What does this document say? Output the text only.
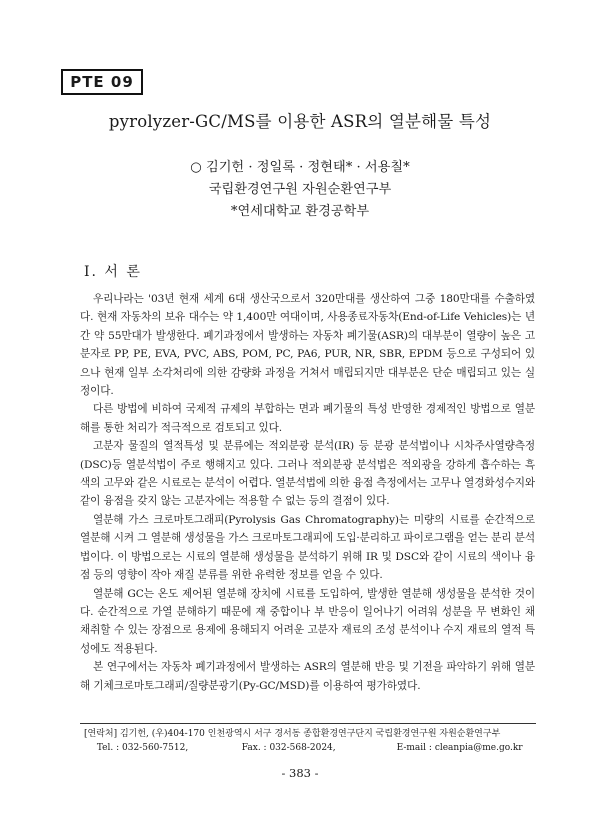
PTE 09
pyrolyzer-GC/MS를 이용한 ASR의 열분해물 특성
○ 김기헌 · 정일록 · 정현태* · 서용칠*
국립환경연구원 자원순환연구부
*연세대학교 환경공학부
I. 서 론

우리나라는 '03년 현재 세계 6대 생산국으로서 320만대를 생산하여 그중 180만대를 수출하였다. 현재 자동차의 보유 대수는 약 1,400만 여대이며, 사용종료자동차(End-of-Life Vehicles)는 년간 약 55만대가 발생한다. 폐기과정에서 발생하는 자동차 폐기물(ASR)의 대부분이 열량이 높은 고분자로 PP, PE, EVA, PVC, ABS, POM, PC, PA6, PUR, NR, SBR, EPDM 등으로 구성되어 있으나 현재 일부 소각처리에 의한 감량화 과정을 거쳐서 매립되지만 대부분은 단순 매립되고 있는 실정이다.

다른 방법에 비하여 국제적 규제의 부합하는 면과 폐기물의 특성 반영한 경제적인 방법으로 열분해를 통한 처리가 적극적으로 검토되고 있다.

고분자 물질의 열적특성 및 분류에는 적외분광 분석(IR) 등 분광 분석법이나 시차주사열량측정(DSC)등 열분석법이 주로 행해지고 있다. 그러나 적외분광 분석법은 적외광을 강하게 흡수하는 흑색의 고무와 같은 시료로는 분석이 어렵다. 열분석법에 의한 융점 측정에서는 고무나 열경화성수지와 같이 융점을 갖지 않는 고분자에는 적용할 수 없는 등의 결점이 있다.

열분해 가스 크로마토그래피(Pyrolysis Gas Chromatography)는 미량의 시료를 순간적으로 열분해 시켜 그 열분해 생성물을 가스 크로마토그래피에 도입·분리하고 파이로그램을 얻는 분리 분석법이다. 이 방법으로는 시료의 열분해 생성물을 분석하기 위해 IR 및 DSC와 같이 시료의 색이나 융점 등의 영향이 작아 재질 분류를 위한 유력한 정보를 얻을 수 있다.

열분해 GC는 온도 제어된 열분해 장치에 시료를 도입하여, 발생한 열분해 생성물을 분석한 것이다. 순간적으로 가열 분해하기 때문에 재 중합이나 부 반응이 일어나기 어려워 성분을 무 변화인 채 채취할 수 있는 장점으로 용제에 용해되지 어려운 고분자 재료의 조성 분석이나 수지 재료의 열적 특성에도 적용된다.

본 연구에서는 자동차 폐기과정에서 발생하는 ASR의 열분해 반응 및 기전을 파악하기 위해 열분해 기체크로마토그래피/질량분광기(Py-GC/MSD)를 이용하여 평가하였다.

[연락처] 김기헌, (우)404-170 인천광역시 서구 경서동 종합환경연구단지 국립환경연구원 자원순환연구부
Tel. : 032-560-7512,	Fax. : 032-568-2024,	E-mail : cleanpia@me.go.kr
- 383 -
